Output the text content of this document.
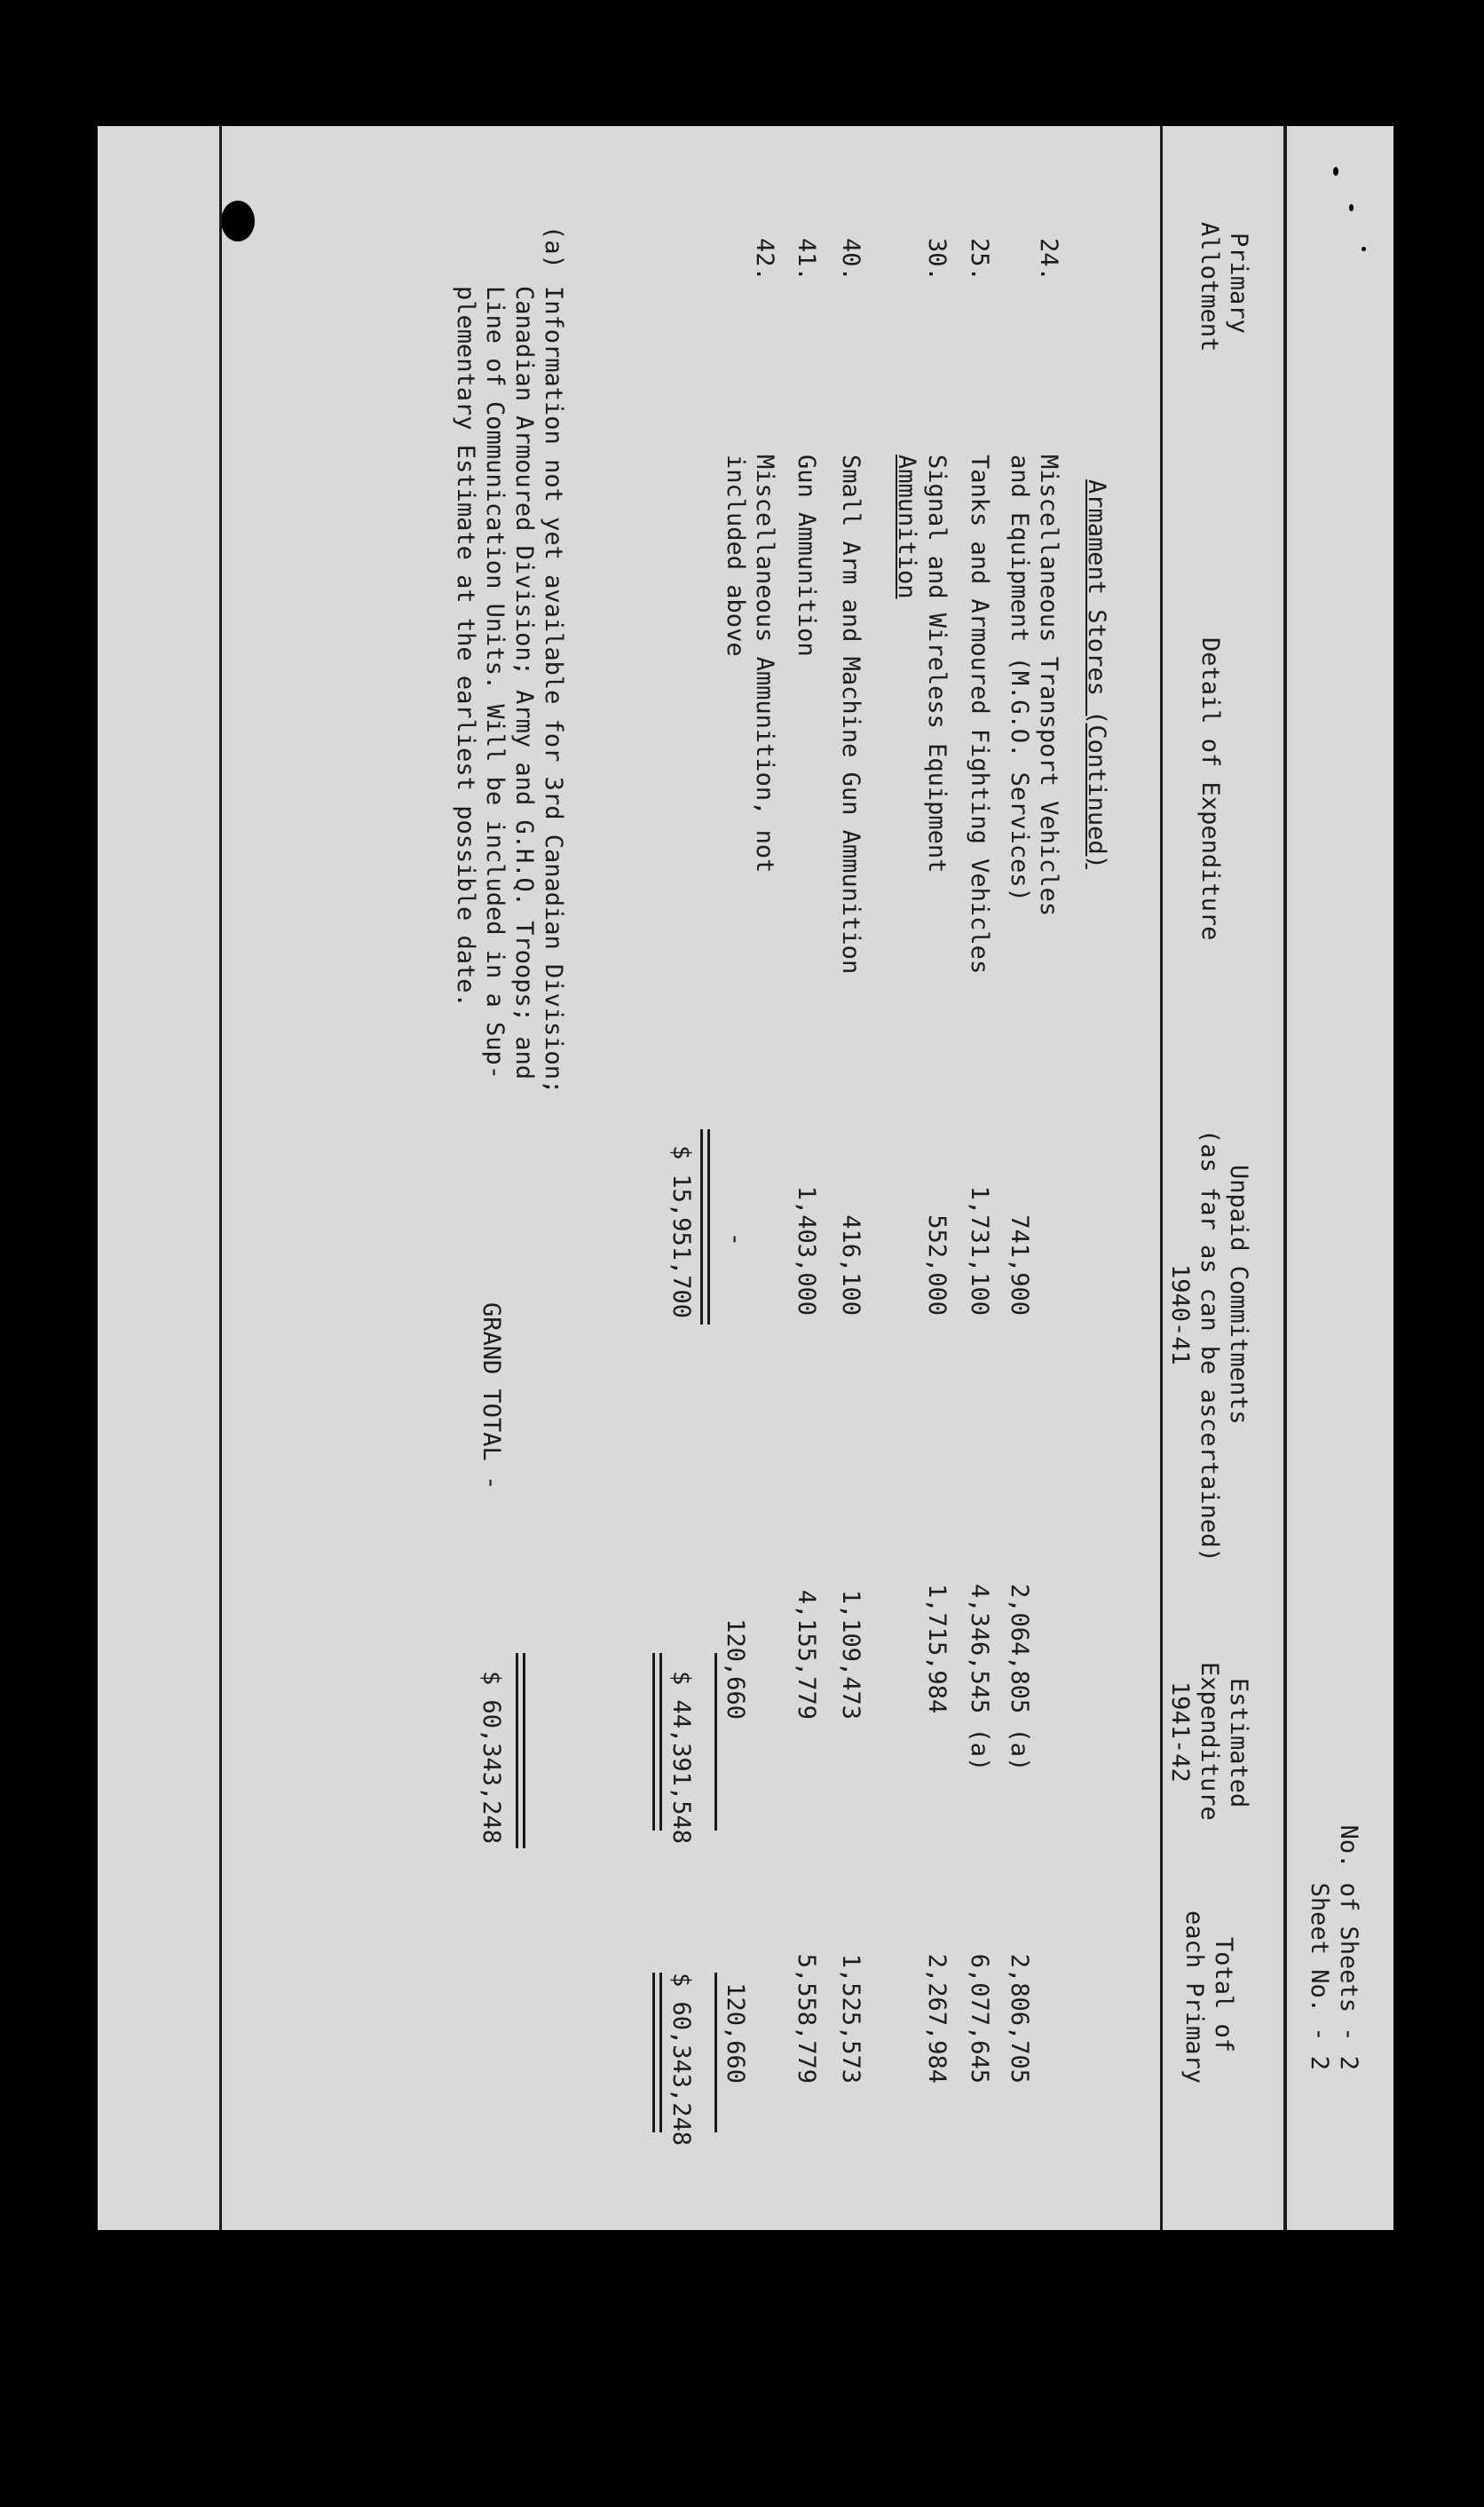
No. of Sheets - 2
Sheet No. - 2
Primary
Allotment
Detail of Expenditure
Unpaid Commitments
(as far as can be ascertained)
1940-41
Estimated
Expenditure
1941-42
Total of
each Primary
Armament Stores (Continued)
24.
Miscellaneous Transport Vehicles
and Equipment (M.G.O. Services)
741,900
2,064,805 (a)
2,806,705
25.
Tanks and Armoured Fighting Vehicles
1,731,100
4,346,545 (a)
6,077,645
30.
Signal and Wireless Equipment
552,000
1,715,984
2,267,984
Ammunition
40.
Small Arm and Machine Gun Ammunition
416,100
1,109,473
1,525,573
41.
Gun Ammunition
1,403,000
4,155,779
5,558,779
42.
Miscellaneous Ammunition, not
included above
-
120,660
120,660
$ 15,951,700
$ 44,391,548
$ 60,343,248
(a)
Information not yet available for 3rd Canadian Division;
Canadian Armoured Division; Army and G.H.Q. Troops; and
Line of Communication Units. Will be included in a Sup-
plementary Estimate at the earliest possible date.
GRAND TOTAL -
$ 60,343,248
